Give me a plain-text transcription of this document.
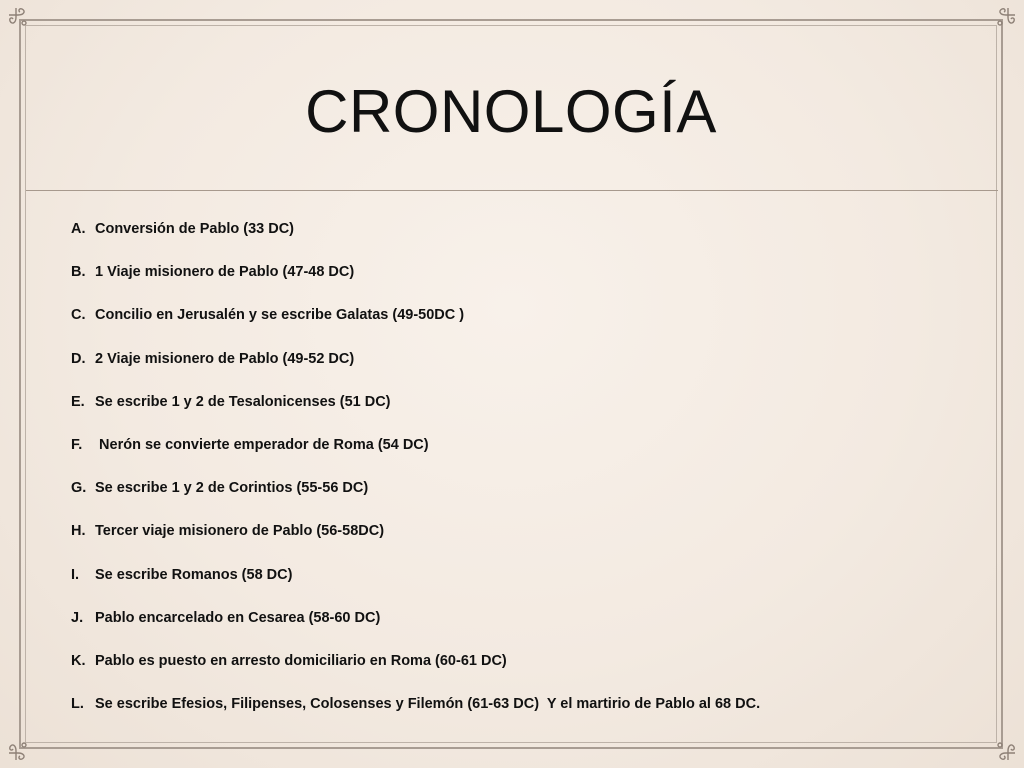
CRONOLOGÍA
A. Conversión de Pablo (33 DC)
B. 1 Viaje misionero de Pablo (47-48 DC)
C. Concilio en Jerusalén y se escribe Galatas (49-50DC )
D. 2 Viaje misionero de Pablo (49-52 DC)
E. Se escribe 1 y 2 de Tesalonicenses (51 DC)
F. Nerón se convierte emperador de Roma (54 DC)
G. Se escribe 1 y 2 de Corintios (55-56 DC)
H. Tercer viaje misionero de Pablo (56-58DC)
I.	Se escribe Romanos (58 DC)
J. Pablo encarcelado en Cesarea (58-60 DC)
K. Pablo es puesto en arresto domiciliario en Roma (60-61 DC)
L. Se escribe Efesios, Filipenses, Colosenses y Filemón (61-63 DC)  Y el martirio de Pablo al 68 DC.
